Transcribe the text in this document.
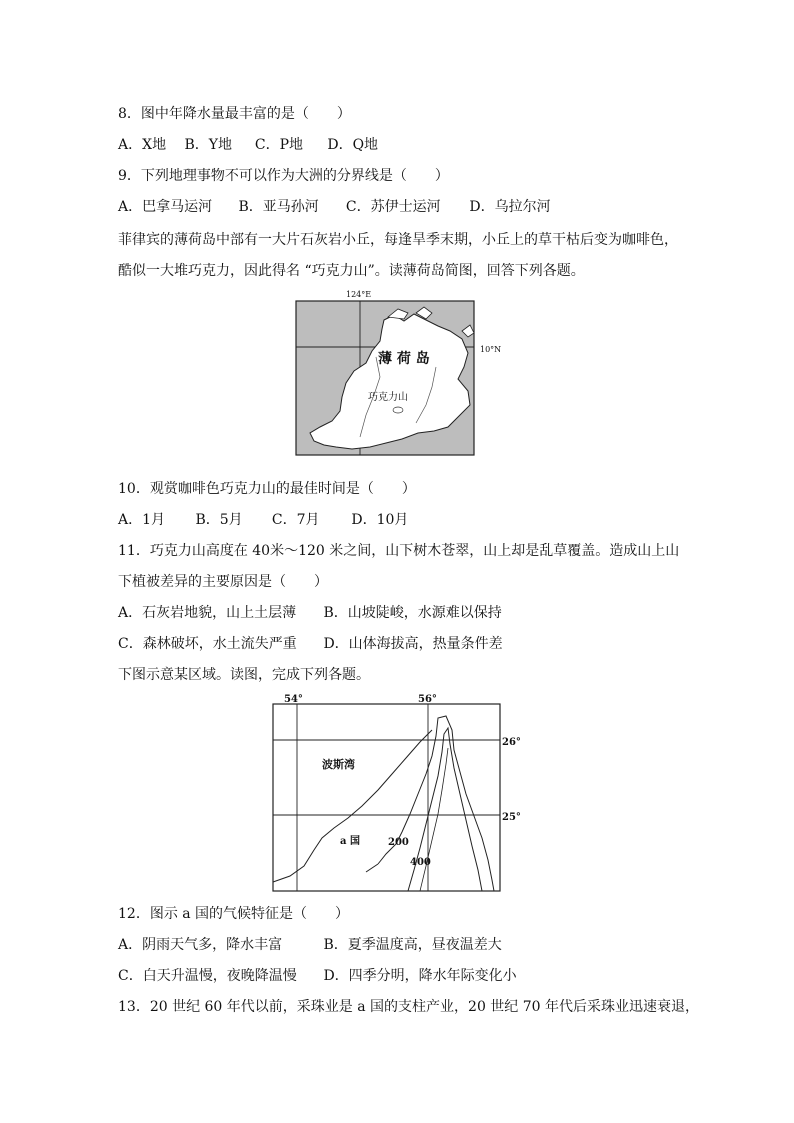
8．图中年降水量最丰富的是（　　）
A．X地 B．Y地 C．P地 D．Q地
9．下列地理事物不可以作为大洲的分界线是（　　）
A．巴拿马运河 B．亚马孙河 C．苏伊士运河 D．乌拉尔河
菲律宾的薄荷岛中部有一大片石灰岩小丘，每逢旱季末期，小丘上的草干枯后变为咖啡色，
酷似一大堆巧克力，因此得名 “巧克力山”。读薄荷岛简图，回答下列各题。
124°E
10°N
薄 荷 岛
巧克力山
10．观赏咖啡色巧克力山的最佳时间是（　　）
A．1月 B．5月 C．7月 D．10月
11．巧克力山高度在 40米～120 米之间，山下树木苍翠，山上却是乱草覆盖。造成山上山
下植被差异的主要原因是（　　）
A．石灰岩地貌，山上土层薄 B．山坡陡峻，水源难以保持
C．森林破坏，水土流失严重 D．山体海拔高，热量条件差
下图示意某区域。读图，完成下列各题。
54°	56°
26°
25°
波斯湾
a 国	200
400
12．图示 a 国的气候特征是（　　）
A．阴雨天气多，降水丰富	B．夏季温度高，昼夜温差大
C．白天升温慢，夜晚降温慢 D．四季分明，降水年际变化小
13．20 世纪 60 年代以前，采珠业是 a 国的支柱产业，20 世纪 70 年代后采珠业迅速衰退，
